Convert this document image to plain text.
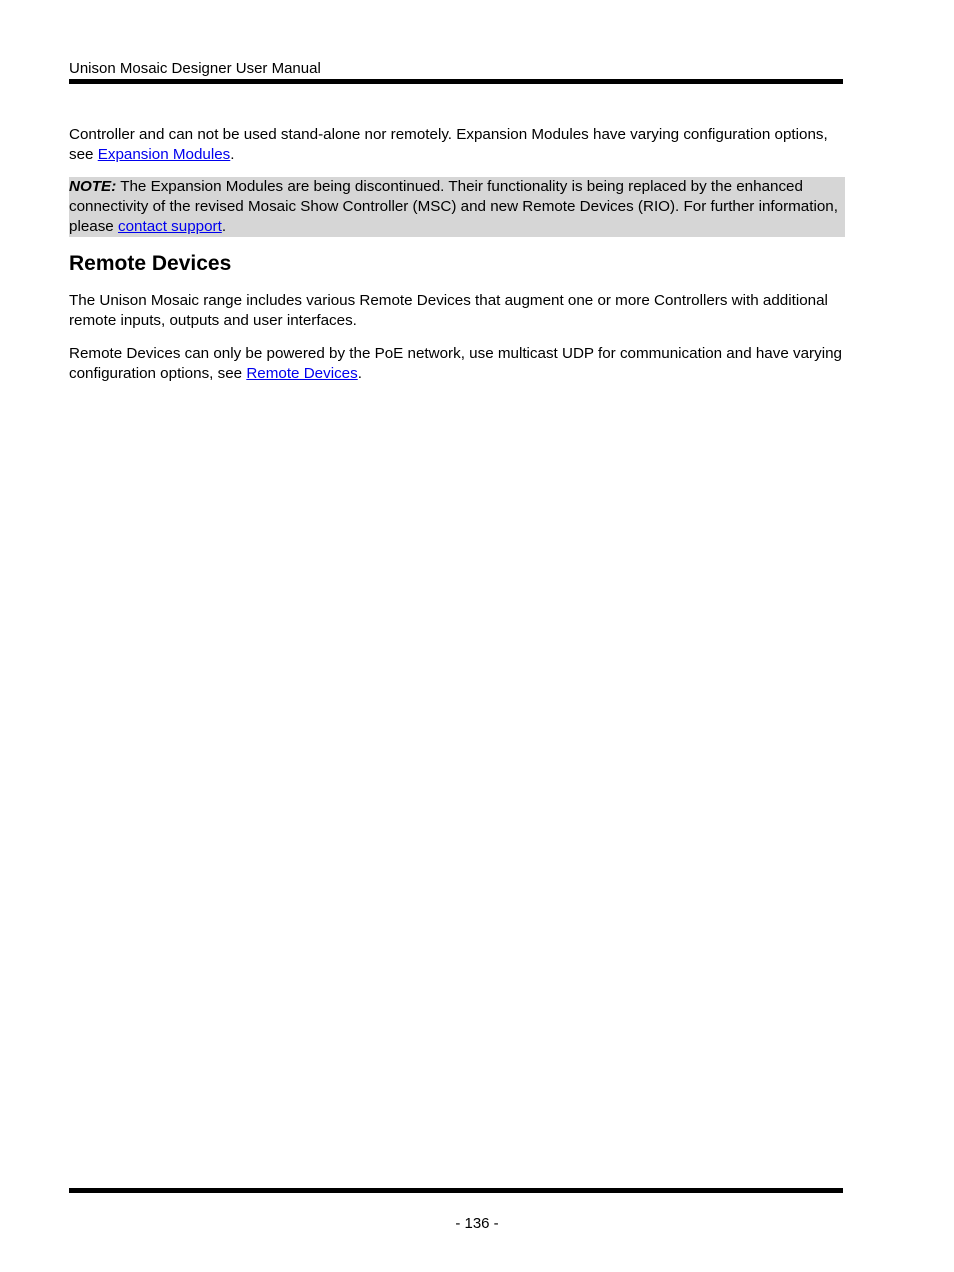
Unison Mosaic Designer User Manual

Controller and can not be used stand-alone nor remotely. Expansion Modules have varying configuration options, see Expansion Modules.

NOTE: The Expansion Modules are being discontinued. Their functionality is being replaced by the enhanced connectivity of the revised Mosaic Show Controller (MSC) and new Remote Devices (RIO). For further information, please contact support.

Remote Devices

The Unison Mosaic range includes various Remote Devices that augment one or more Controllers with additional remote inputs, outputs and user interfaces.

Remote Devices can only be powered by the PoE network, use multicast UDP for communication and have varying configuration options, see Remote Devices.

- 136 -
